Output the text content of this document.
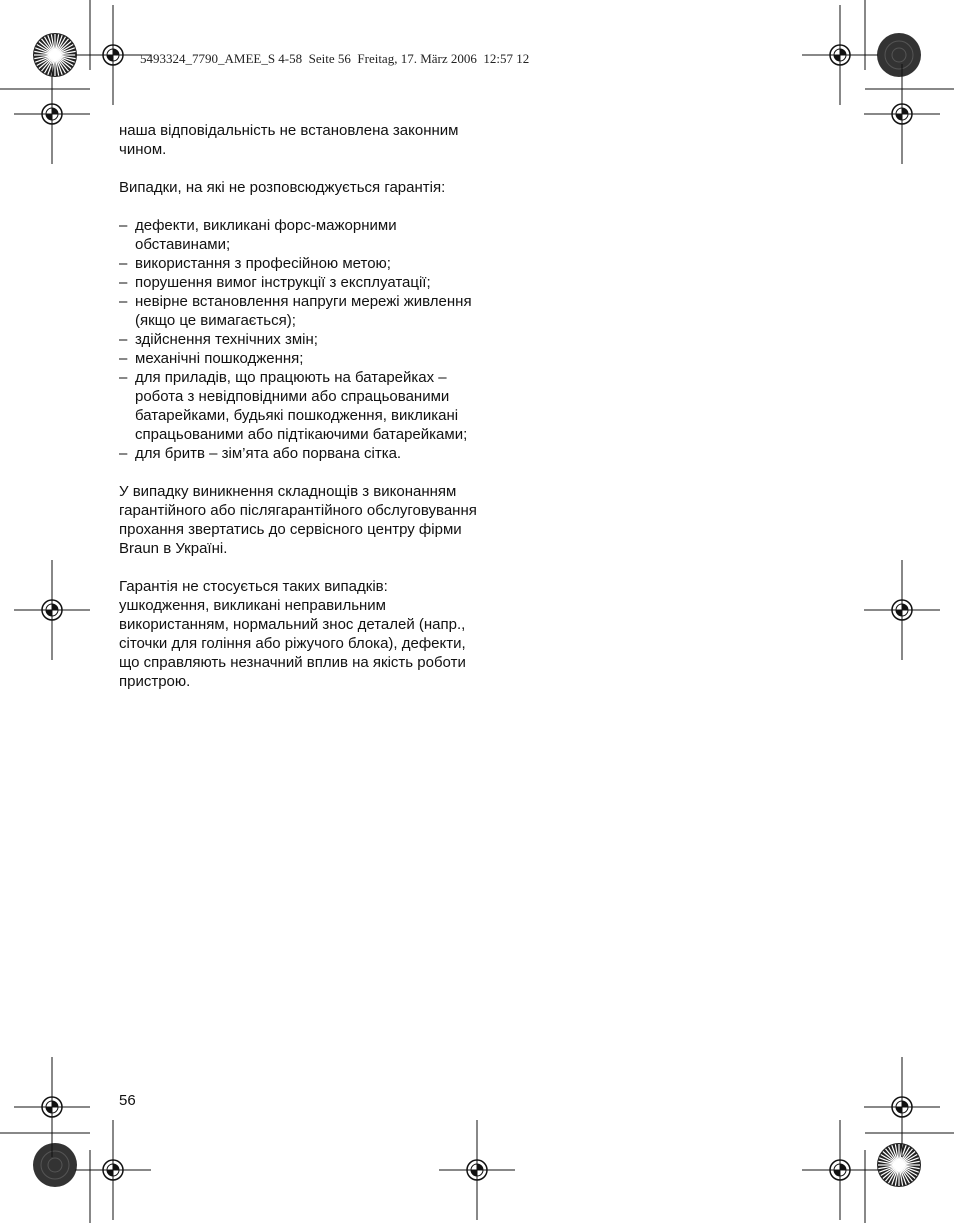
5493324_7790_AMEE_S 4-58  Seite 56  Freitag, 17. März 2006  12:57 12

наша відповідальність не встановлена законним чином.

Випадки, на які не розповсюджується гарантія:

– дефекти, викликані форс-мажорними обставинами;
– використання з професійною метою;
– порушення вимог інструкції з експлуатації;
– невірне встановлення напруги мережі живлення (якщо це вимагається);
– здійснення технічних змін;
– механічні пошкодження;
– для приладів, що працюють на батарейках – робота з невідповідними або спрацьованими батарейками, будьякі пошкодження, викликані спрацьованими або підтікаючими батарейками;
– для бритв – зім’ята або порвана сітка.

У випадку виникнення складнощів з виконанням гарантійного або післягарантійного обслуговування прохання звертатись до сервісного центру фірми Braun в Україні.

Гарантія не стосується таких випадків: ушкодження, викликані неправильним використанням, нормальний знос деталей (напр., сіточки для гоління або ріжучого блока), дефекти, що справляють незначний вплив на якість роботи пристрою.

56
